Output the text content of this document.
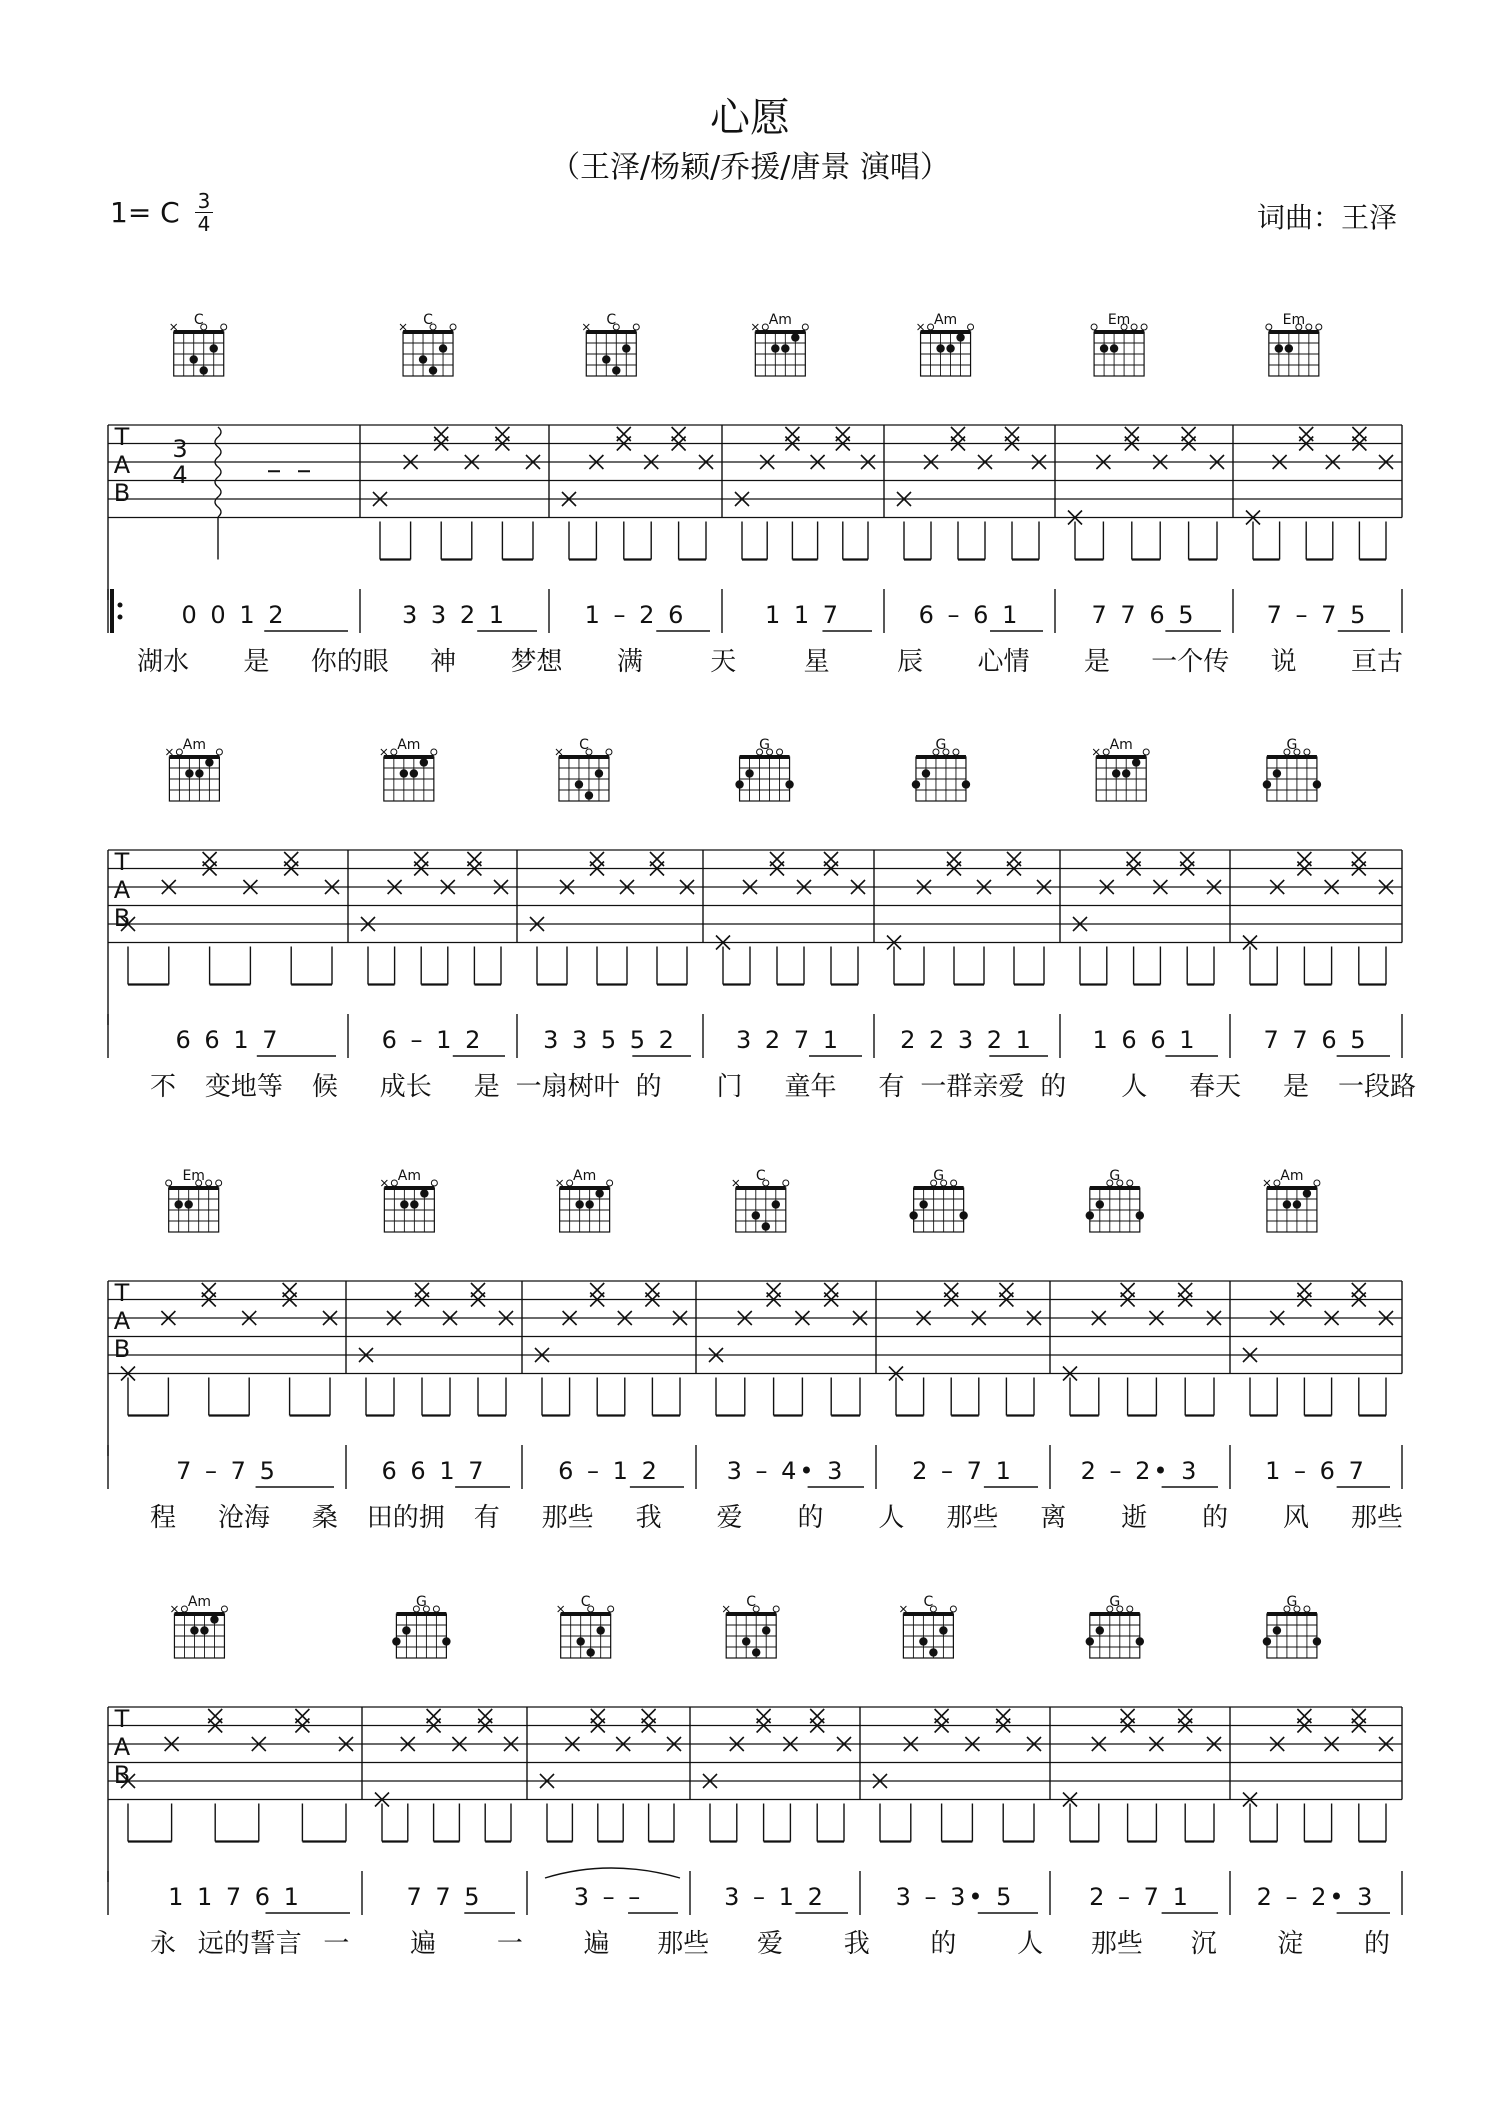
心愿
（王泽/杨颖/乔援/唐景 演唱）
1= C 3
4	词曲：王泽
T
A
B
C
3
4
0 0 1 2
C
3 3 2 1
C
1 – 2 6
Am
1 1 7
Am
6 – 6 1
Em
7 7 6 5
Em
7 – 7 5
湖水 是 你的眼 神 梦想 满	天	星	辰 心情 是 一个传 说 亘古
T
A
B
Am
6 6 1 7
Am
6 – 1 2
C
3 3 5 5 2
G
3 2 7 1
G
2 2 3 2 1
Am
1 6 6 1
G
7 7 6 5
不 变地等 候 成长 是 一扇树叶 的 门 童年 有 一群亲爱 的 人 春天 是 一段路
T
A
B
Em
7 – 7 5
Am
6 6 1 7
Am
6 – 1 2
C
3 – 4• 3
G
2 – 7 1
G
2 – 2• 3
Am
1 – 6 7
程 沧海 桑 田的拥 有 那些 我 爱 的 人 那些 离 逝 的 风 那些
T
A
B
Am
1 1 7 6 1
G
7 7 5
C
3 – –
C
3 – 1 2
C
3 – 3• 5
G
2 – 7 1
G
2 – 2• 3
永 远的誓言 一 遍 一 遍 那些 爱 我 的 人 那些 沉 淀 的
